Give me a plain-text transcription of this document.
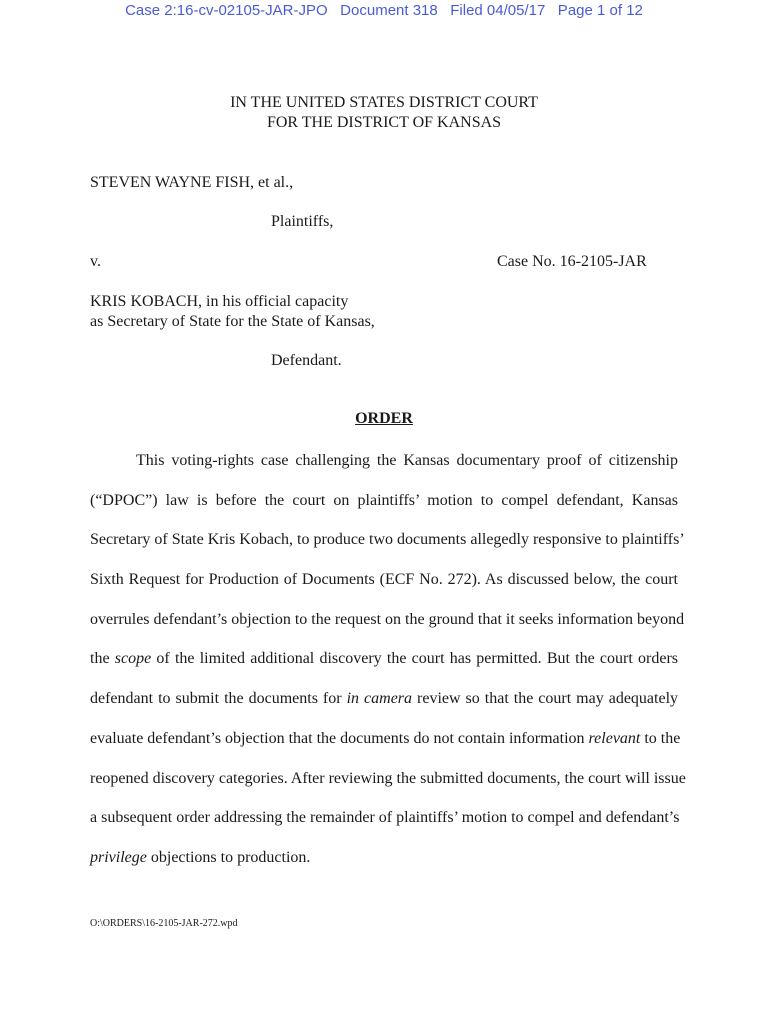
Case 2:16-cv-02105-JAR-JPO   Document 318   Filed 04/05/17   Page 1 of 12
IN THE UNITED STATES DISTRICT COURT
FOR THE DISTRICT OF KANSAS
STEVEN WAYNE FISH, et al.,
Plaintiffs,
v.	Case No. 16-2105-JAR
KRIS KOBACH, in his official capacity
as Secretary of State for the State of Kansas,
Defendant.
ORDER
This voting-rights case challenging the Kansas documentary proof of citizenship
(“DPOC”) law is before the court on plaintiffs’ motion to compel defendant, Kansas
Secretary of State Kris Kobach, to produce two documents allegedly responsive to plaintiffs’
Sixth Request for Production of Documents (ECF No. 272). As discussed below, the court
overrules defendant’s objection to the request on the ground that it seeks information beyond
the scope of the limited additional discovery the court has permitted. But the court orders
defendant to submit the documents for in camera review so that the court may adequately
evaluate defendant’s objection that the documents do not contain information relevant to the
reopened discovery categories. After reviewing the submitted documents, the court will issue
a subsequent order addressing the remainder of plaintiffs’ motion to compel and defendant’s
privilege objections to production.
O:\ORDERS\16-2105-JAR-272.wpd
